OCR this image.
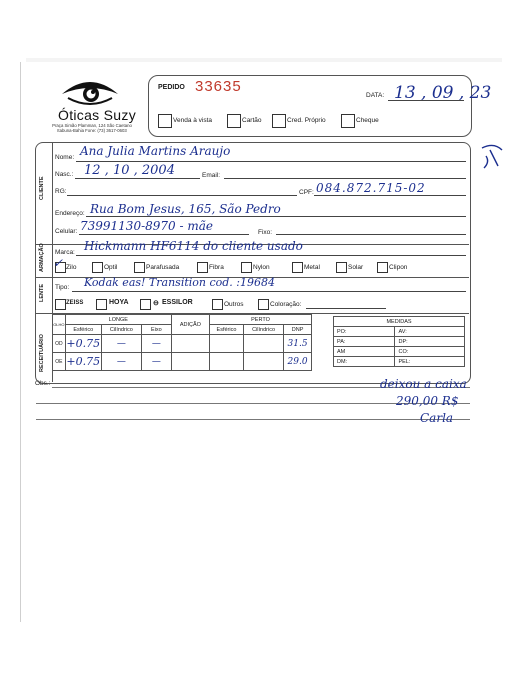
Óticas Suzy
Praça Simão Plamman, 124 São Caetano
Itabuna-Bahia Fone: (73) 3617-0603
PEDIDO 33635
DATA: 13 , 09 , 23
Venda à vista	Cartão	Cred. Próprio	Cheque
CLIENTE
ARMAÇÃO
LENTE
RECEITUÁRIO
Nome: Ana Julia Martins Araujo
Nasc.: 12 , 10 , 2004	Email:
RG:	CPF: 084.872.715-02
Endereço: Rua Bom Jesus, 165, São Pedro
Celular: 73991130-8970 - mãe	Fixo:
Marca: Hickmann HF6114 do cliente usado
✓ Zilo	Optil	Parafusada	Fibra	Nylon	Metal	Solar	Clipon
Tipo: Kodak eas! Transition cod. :19684
ZEISS	HOYA	⊖ ESSILOR	Outros	Coloração:
OLHO	LONGE			ADIÇÃO	PERTO		
	Esférico	Cilíndrico	Eixo		Esférico	Cilíndrico	DNP
OD	+0.75	—	—				31.5
OE	+0.75	—	—				29.0
MEDIDAS	
PO:	AV:
PA:	DP:
AM	CO:
DM:	PEL:
Obs.:	deixou a caixa
290,00 R$
Carla
